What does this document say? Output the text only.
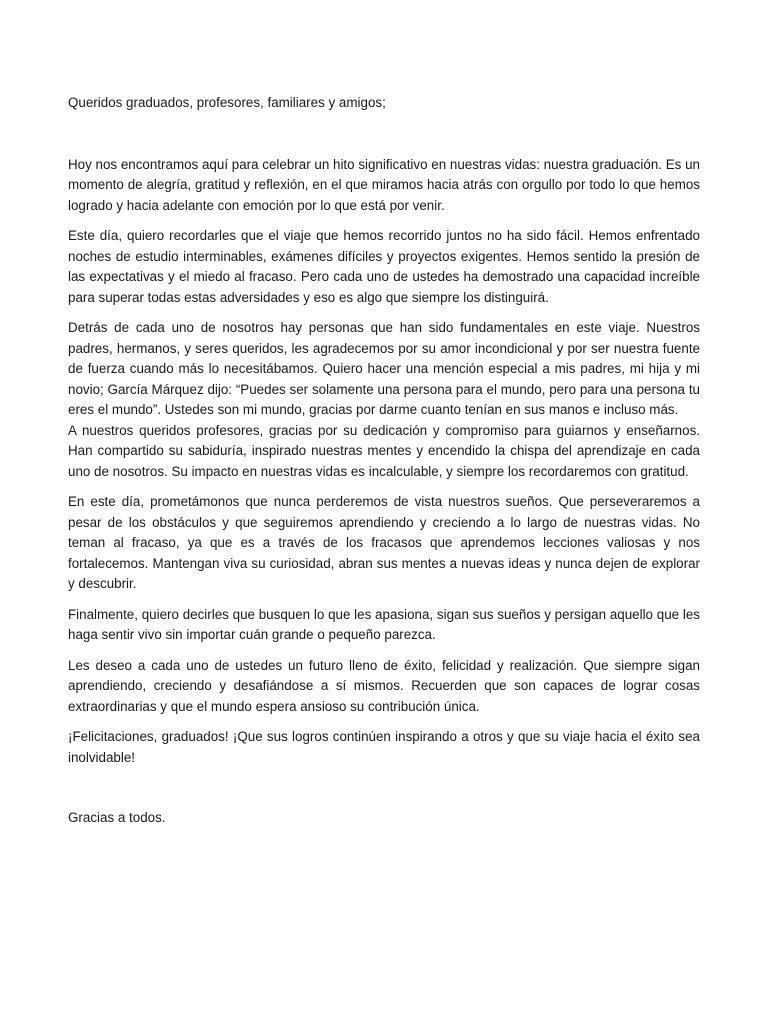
Queridos graduados, profesores, familiares y amigos;

Hoy nos encontramos aquí para celebrar un hito significativo en nuestras vidas: nuestra graduación. Es un momento de alegría, gratitud y reflexión, en el que miramos hacia atrás con orgullo por todo lo que hemos logrado y hacia adelante con emoción por lo que está por venir.

Este día, quiero recordarles que el viaje que hemos recorrido juntos no ha sido fácil. Hemos enfrentado noches de estudio interminables, exámenes difíciles y proyectos exigentes. Hemos sentido la presión de las expectativas y el miedo al fracaso. Pero cada uno de ustedes ha demostrado una capacidad increíble para superar todas estas adversidades y eso es algo que siempre los distinguirá.

Detrás de cada uno de nosotros hay personas que han sido fundamentales en este viaje. Nuestros padres, hermanos, y seres queridos, les agradecemos por su amor incondicional y por ser nuestra fuente de fuerza cuando más lo necesitábamos. Quiero hacer una mención especial a mis padres, mi hija y mi novio; García Márquez dijo: “Puedes ser solamente una persona para el mundo, pero para una persona tu eres el mundo”. Ustedes son mi mundo, gracias por darme cuanto tenían en sus manos e incluso más.

A nuestros queridos profesores, gracias por su dedicación y compromiso para guiarnos y enseñarnos. Han compartido su sabiduría, inspirado nuestras mentes y encendido la chispa del aprendizaje en cada uno de nosotros. Su impacto en nuestras vidas es incalculable, y siempre los recordaremos con gratitud.

En este día, prometámonos que nunca perderemos de vista nuestros sueños. Que perseveraremos a pesar de los obstáculos y que seguiremos aprendiendo y creciendo a lo largo de nuestras vidas. No teman al fracaso, ya que es a través de los fracasos que aprendemos lecciones valiosas y nos fortalecemos. Mantengan viva su curiosidad, abran sus mentes a nuevas ideas y nunca dejen de explorar y descubrir.

Finalmente, quiero decirles que busquen lo que les apasiona, sigan sus sueños y persigan aquello que les haga sentir vivo sin importar cuán grande o pequeño parezca.

Les deseo a cada uno de ustedes un futuro lleno de éxito, felicidad y realización. Que siempre sigan aprendiendo, creciendo y desafiándose a sí mismos. Recuerden que son capaces de lograr cosas extraordinarias y que el mundo espera ansioso su contribución única.

¡Felicitaciones, graduados! ¡Que sus logros continúen inspirando a otros y que su viaje hacia el éxito sea inolvidable!

Gracias a todos.
